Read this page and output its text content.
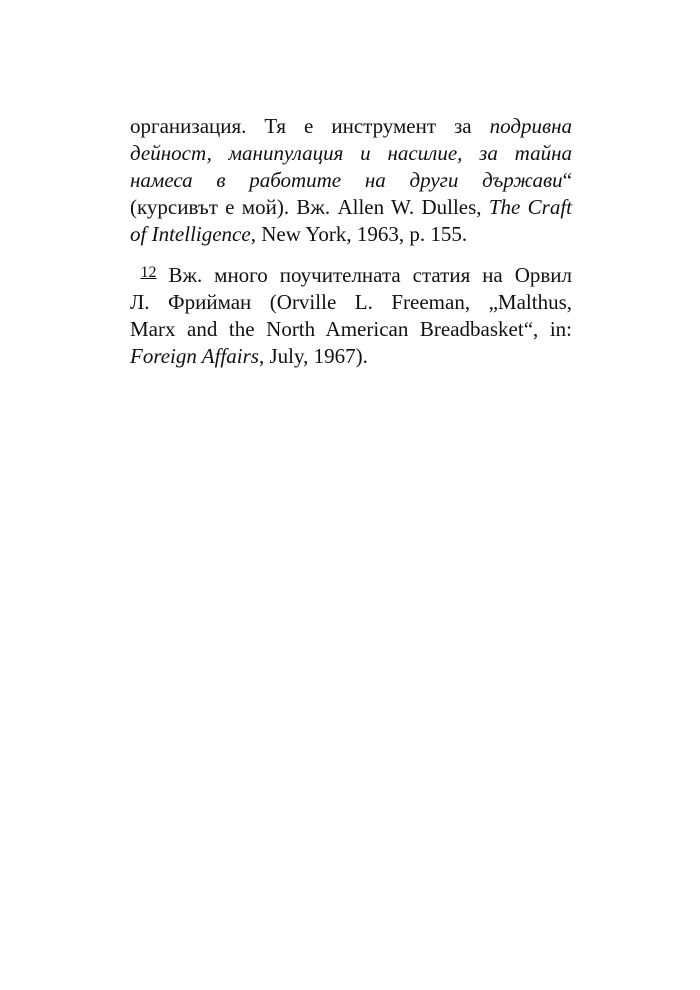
организация. Тя е инструмент за подривна
дейност, манипулация и насилие, за тайна
намеса в работите на други държави“
(курсивът е мой). Вж. Allen W. Dulles, The Craft
of Intelligence, New York, 1963, p. 155.

 $^{12}$ Вж. много поучителната статия на Орвил
Л. Фрийман (Orville L. Freeman, „Malthus,
Marx and the North American Breadbasket“, in:
Foreign Affairs, July, 1967).
